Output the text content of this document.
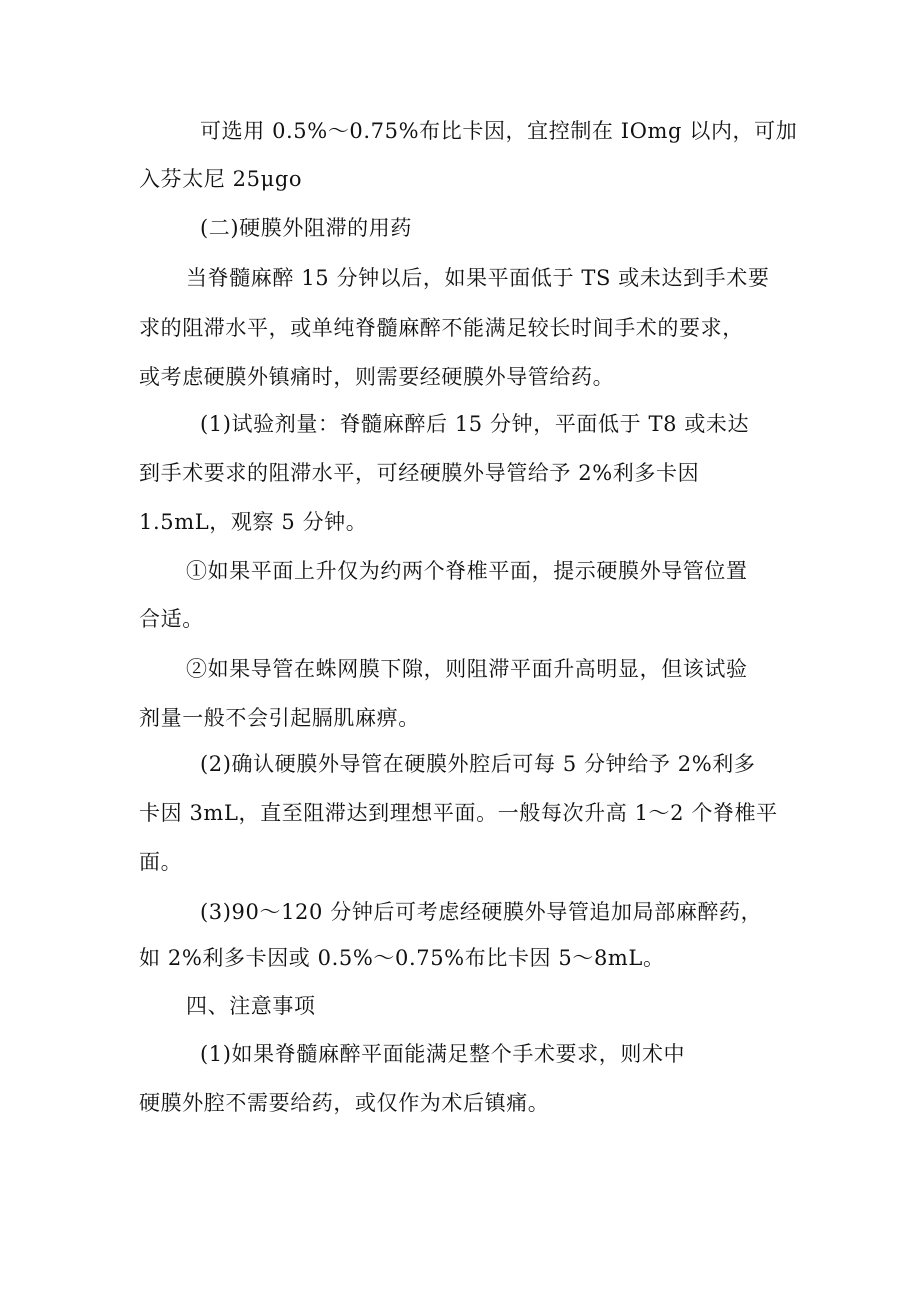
可选用 0.5%～0.75%布比卡因，宜控制在 IOmg 以内，可加
入芬太尼 25μgo
(二)硬膜外阻滞的用药
当脊髓麻醉 15 分钟以后，如果平面低于 TS 或未达到手术要
求的阻滞水平，或单纯脊髓麻醉不能满足较长时间手术的要求，
或考虑硬膜外镇痛时，则需要经硬膜外导管给药。
(1)试验剂量：脊髓麻醉后 15 分钟，平面低于 T8 或未达
到手术要求的阻滞水平，可经硬膜外导管给予 2%利多卡因
1.5mL，观察 5 分钟。
①如果平面上升仅为约两个脊椎平面，提示硬膜外导管位置
合适。
②如果导管在蛛网膜下隙，则阻滞平面升高明显，但该试验
剂量一般不会引起膈肌麻痹。
(2)确认硬膜外导管在硬膜外腔后可每 5 分钟给予 2%利多
卡因 3mL，直至阻滞达到理想平面。一般每次升高 1～2 个脊椎平
面。
(3)90～120 分钟后可考虑经硬膜外导管追加局部麻醉药，
如 2%利多卡因或 0.5%～0.75%布比卡因 5～8mL。
四、注意事项
(1)如果脊髓麻醉平面能满足整个手术要求，则术中
硬膜外腔不需要给药，或仅作为术后镇痛。
